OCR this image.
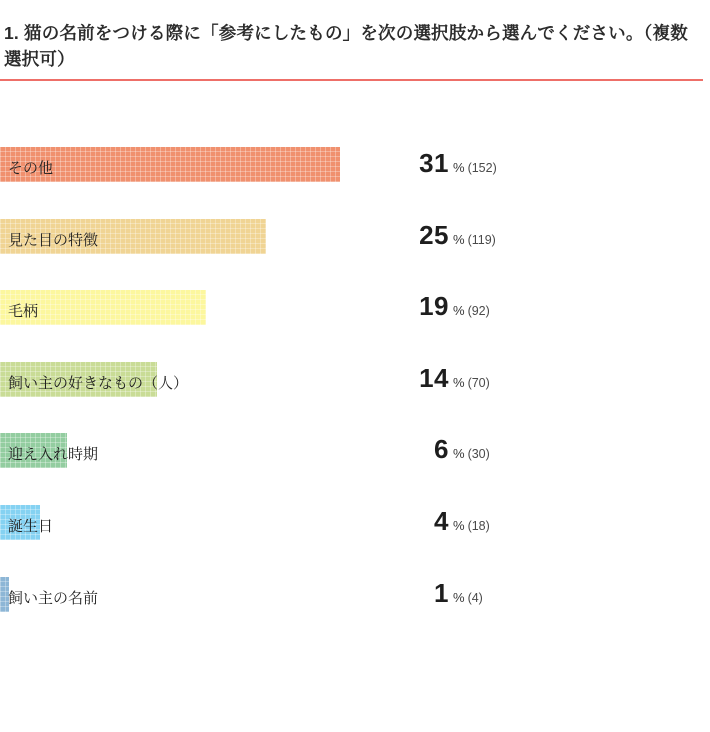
1. 猫の名前をつける際に「参考にしたもの」を次の選択肢から選んでください。（複数選択可）
その他	31 % (152)
見た目の特徴	25 % (119)
毛柄	19 % (92)
飼い主の好きなもの（人）	14 % (70)
迎え入れ時期	6 % (30)
誕生日	4 % (18)
飼い主の名前	1 % (4)
